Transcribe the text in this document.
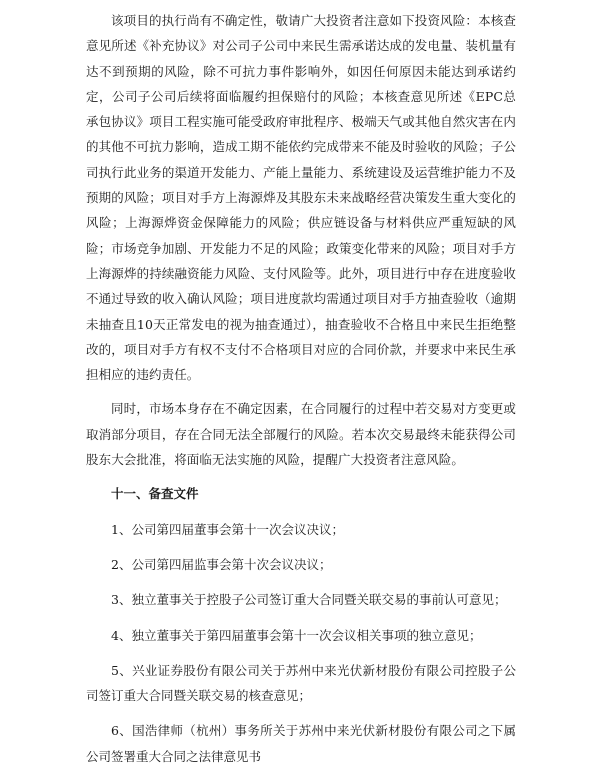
该项目的执行尚有不确定性，敬请广大投资者注意如下投资风险：本核查意见所述《补充协议》对公司子公司中来民生需承诺达成的发电量、装机量有达不到预期的风险，除不可抗力事件影响外，如因任何原因未能达到承诺约定，公司子公司后续将面临履约担保赔付的风险；本核查意见所述《EPC总承包协议》项目工程实施可能受政府审批程序、极端天气或其他自然灾害在内的其他不可抗力影响，造成工期不能依约完成带来不能及时验收的风险；子公司执行此业务的渠道开发能力、产能上量能力、系统建设及运营维护能力不及预期的风险；项目对手方上海源烨及其股东未来战略经营决策发生重大变化的风险；上海源烨资金保障能力的风险；供应链设备与材料供应严重短缺的风险；市场竞争加剧、开发能力不足的风险；政策变化带来的风险；项目对手方上海源烨的持续融资能力风险、支付风险等。此外，项目进行中存在进度验收不通过导致的收入确认风险；项目进度款均需通过项目对手方抽查验收（逾期未抽查且10天正常发电的视为抽查通过），抽查验收不合格且中来民生拒绝整改的，项目对手方有权不支付不合格项目对应的合同价款，并要求中来民生承担相应的违约责任。

同时，市场本身存在不确定因素，在合同履行的过程中若交易对方变更或取消部分项目，存在合同无法全部履行的风险。若本次交易最终未能获得公司股东大会批准，将面临无法实施的风险，提醒广大投资者注意风险。

十一、备查文件

1、公司第四届董事会第十一次会议决议；
2、公司第四届监事会第十次会议决议；
3、独立董事关于控股子公司签订重大合同暨关联交易的事前认可意见；
4、独立董事关于第四届董事会第十一次会议相关事项的独立意见；
5、兴业证券股份有限公司关于苏州中来光伏新材股份有限公司控股子公司签订重大合同暨关联交易的核查意见；
6、国浩律师（杭州）事务所关于苏州中来光伏新材股份有限公司之下属公司签署重大合同之法律意见书
